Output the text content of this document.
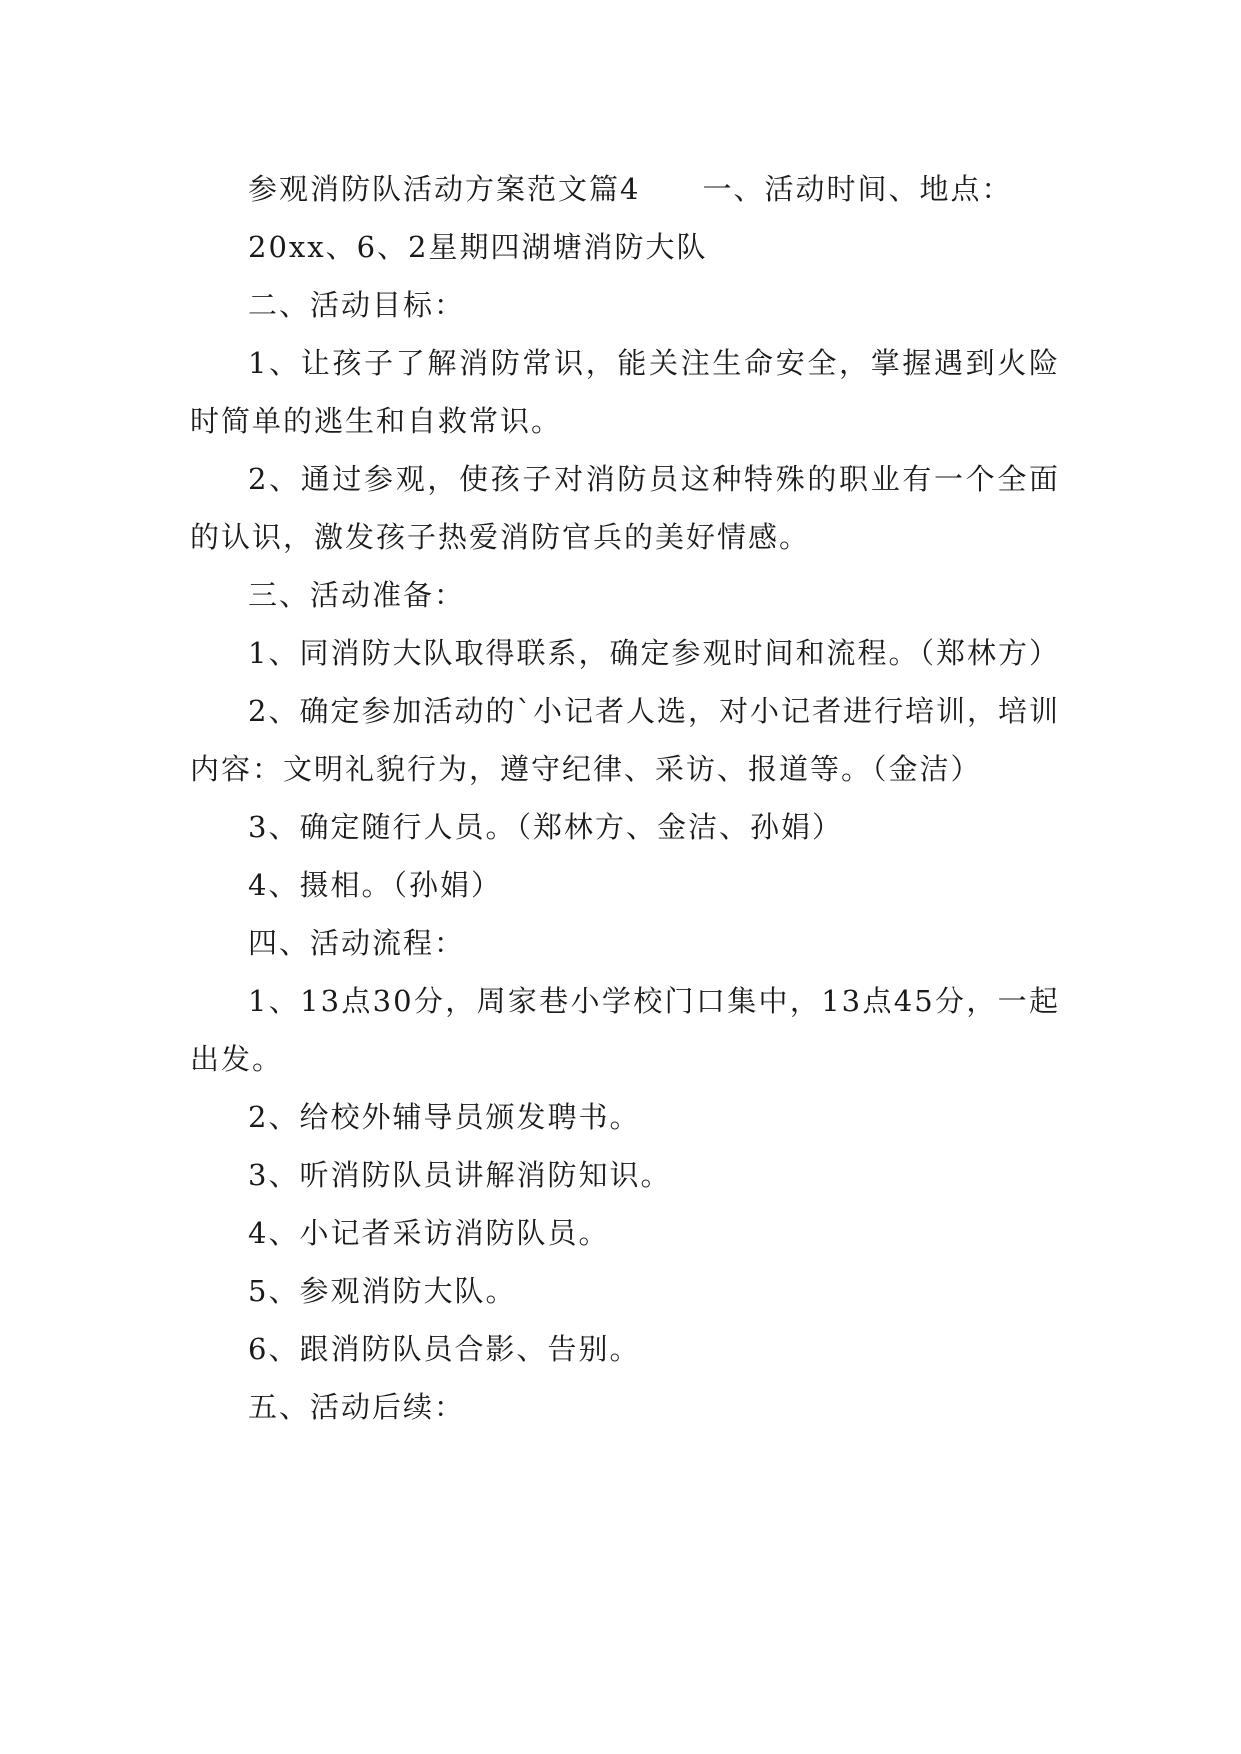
参观消防队活动方案范文篇4　　一、活动时间、地点：

20xx、6、2星期四湖塘消防大队

二、活动目标：

1、让孩子了解消防常识，能关注生命安全，掌握遇到火险时简单的逃生和自救常识。

2、通过参观，使孩子对消防员这种特殊的职业有一个全面的认识，激发孩子热爱消防官兵的美好情感。

三、活动准备：

1、同消防大队取得联系，确定参观时间和流程。（郑林方）

2、确定参加活动的`小记者人选，对小记者进行培训，培训内容：文明礼貌行为，遵守纪律、采访、报道等。（金洁）

3、确定随行人员。（郑林方、金洁、孙娟）

4、摄相。（孙娟）

四、活动流程：

1、13点30分，周家巷小学校门口集中，13点45分，一起出发。

2、给校外辅导员颁发聘书。

3、听消防队员讲解消防知识。

4、小记者采访消防队员。

5、参观消防大队。

6、跟消防队员合影、告别。

五、活动后续：
